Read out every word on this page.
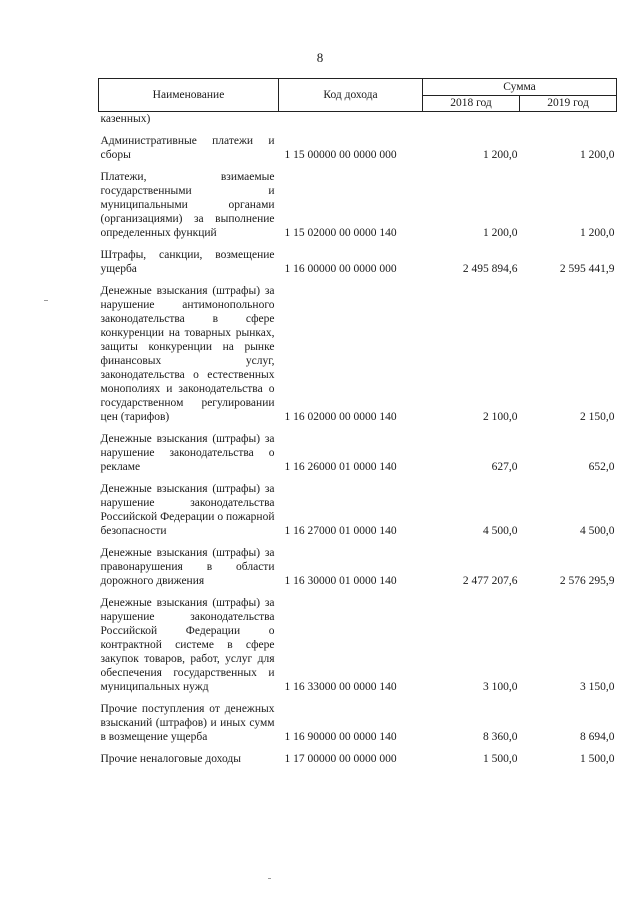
8
Наименование	Код дохода	Сумма	
		2018 год	2019 год
казенных)			
Административные платежи и сборы	1 15 00000 00 0000 000	1 200,0	1 200,0
Платежи, взимаемые государственными и муниципальными органами (организациями) за выполнение определенных функций	1 15 02000 00 0000 140	1 200,0	1 200,0
Штрафы, санкции, возмещение ущерба	1 16 00000 00 0000 000	2 495 894,6	2 595 441,9
Денежные взыскания (штрафы) за нарушение антимонопольного законодательства в сфере конкуренции на товарных рынках, защиты конкуренции на рынке финансовых услуг, законодательства о естественных монополиях и законодательства о государственном регулировании цен (тарифов)	1 16 02000 00 0000 140	2 100,0	2 150,0
Денежные взыскания (штрафы) за нарушение законодательства о рекламе	1 16 26000 01 0000 140	627,0	652,0
Денежные взыскания (штрафы) за нарушение законодательства Российской Федерации о пожарной безопасности	1 16 27000 01 0000 140	4 500,0	4 500,0
Денежные взыскания (штрафы) за правонарушения в области дорожного движения	1 16 30000 01 0000 140	2 477 207,6	2 576 295,9
Денежные взыскания (штрафы) за нарушение законодательства Российской Федерации о контрактной системе в сфере закупок товаров, работ, услуг для обеспечения государственных и муниципальных нужд	1 16 33000 00 0000 140	3 100,0	3 150,0
Прочие поступления от денежных взысканий (штрафов) и иных сумм в возмещение ущерба	1 16 90000 00 0000 140	8 360,0	8 694,0
Прочие неналоговые доходы	1 17 00000 00 0000 000	1 500,0	1 500,0
